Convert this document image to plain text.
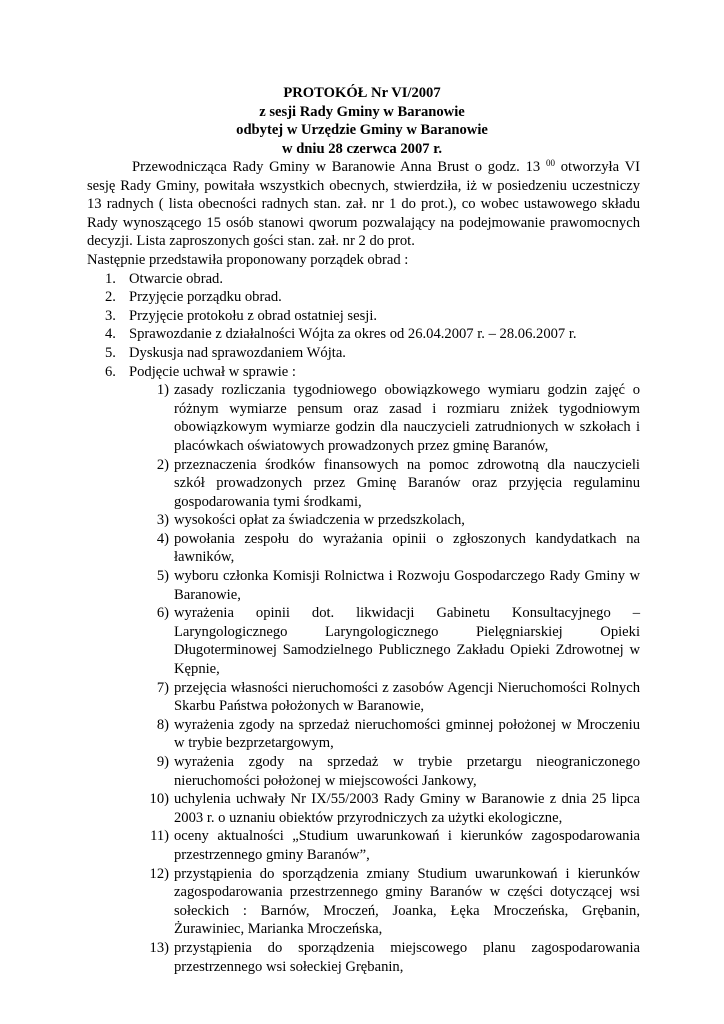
PROTOKÓŁ Nr VI/2007
z sesji Rady Gminy w Baranowie
odbytej w Urzędzie Gminy w Baranowie
w dniu 28 czerwca 2007 r.

Przewodnicząca Rady Gminy w Baranowie Anna Brust o godz. 13 $^{00}$ otworzyła VI sesję Rady Gminy, powitała wszystkich obecnych, stwierdziła, iż w posiedzeniu uczestniczy 13 radnych ( lista obecności radnych stan. zał. nr 1 do prot.), co wobec ustawowego składu Rady wynoszącego 15 osób stanowi qworum pozwalający na podejmowanie prawomocnych decyzji. Lista zaproszonych gości stan. zał. nr 2 do prot.

Następnie przedstawiła proponowany porządek obrad :
1. Otwarcie obrad.
2. Przyjęcie porządku obrad.
3. Przyjęcie protokołu z obrad ostatniej sesji.
4. Sprawozdanie z działalności Wójta za okres od 26.04.2007 r. – 28.06.2007 r.
5. Dyskusja nad sprawozdaniem Wójta.
6. Podjęcie uchwał w sprawie :
1) zasady rozliczania tygodniowego obowiązkowego wymiaru godzin zajęć o różnym wymiarze pensum oraz zasad i rozmiaru zniżek tygodniowym obowiązkowym wymiarze godzin dla nauczycieli zatrudnionych w szkołach i placówkach oświatowych prowadzonych przez gminę Baranów,
2) przeznaczenia środków finansowych na pomoc zdrowotną dla nauczycieli szkół prowadzonych przez Gminę Baranów oraz przyjęcia regulaminu gospodarowania tymi środkami,
3) wysokości opłat za świadczenia w przedszkolach,
4) powołania zespołu do wyrażania opinii o zgłoszonych kandydatkach na ławników,
5) wyboru członka Komisji Rolnictwa i Rozwoju Gospodarczego Rady Gminy w Baranowie,
6) wyrażenia opinii dot. likwidacji Gabinetu Konsultacyjnego – Laryngologicznego Laryngologicznego Pielęgniarskiej Opieki Długoterminowej Samodzielnego Publicznego Zakładu Opieki Zdrowotnej w Kępnie,
7) przejęcia własności nieruchomości z zasobów Agencji Nieruchomości Rolnych Skarbu Państwa położonych w Baranowie,
8) wyrażenia zgody na sprzedaż nieruchomości gminnej położonej w Mroczeniu w trybie bezprzetargowym,
9) wyrażenia zgody na sprzedaż w trybie przetargu nieograniczonego nieruchomości położonej w miejscowości Jankowy,
10) uchylenia uchwały Nr IX/55/2003 Rady Gminy w Baranowie z dnia 25 lipca 2003 r. o uznaniu obiektów przyrodniczych za użytki ekologiczne,
11) oceny aktualności „Studium uwarunkowań i kierunków zagospodarowania przestrzennego gminy Baranów”,
12) przystąpienia do sporządzenia zmiany Studium uwarunkowań i kierunków zagospodarowania przestrzennego gminy Baranów w części dotyczącej wsi sołeckich : Barnów, Mroczeń, Joanka, Łęka Mroczeńska, Grębanin, Żurawiniec, Marianka Mroczeńska,
13) przystąpienia do sporządzenia miejscowego planu zagospodarowania przestrzennego wsi sołeckiej Grębanin,
